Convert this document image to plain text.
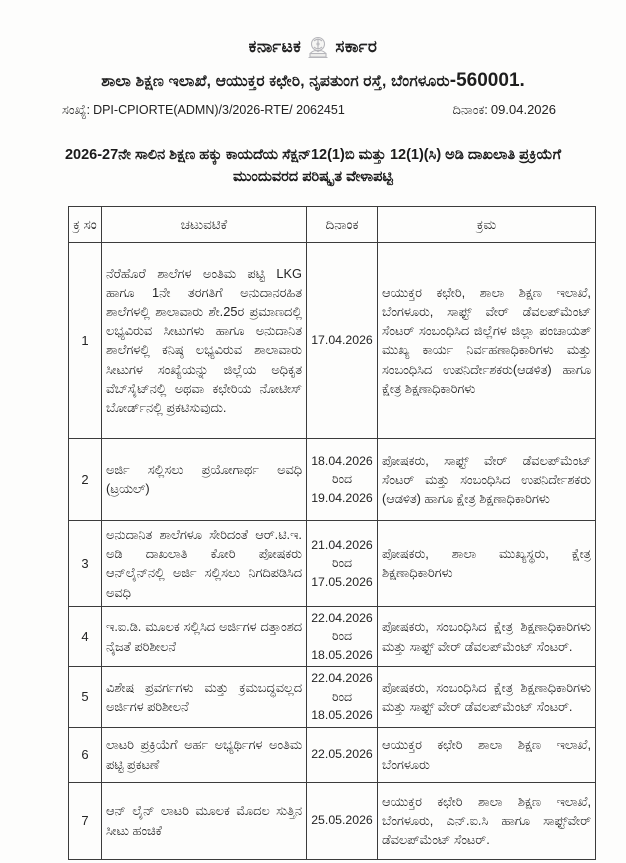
ಕರ್ನಾಟಕ ಸರ್ಕಾರ
ಶಾಲಾ ಶಿಕ್ಷಣ ಇಲಾಖೆ, ಆಯುಕ್ತರ ಕಛೇರಿ, ನೃಪತುಂಗ ರಸ್ತೆ, ಬೆಂಗಳೂರು-560001.
ಸಂಖ್ಯೆ: DPI-CPIORTE(ADMN)/3/2026-RTE/ 2062451	ದಿನಾಂಕ: 09.04.2026
2026-27ನೇ ಸಾಲಿನ ಶಿಕ್ಷಣ ಹಕ್ಕು ಕಾಯದೆಯ ಸೆಕ್ಷನ್‌12(1)ಬಿ ಮತ್ತು 12(1)(ಸಿ) ಅಡಿ ದಾಖಲಾತಿ ಪ್ರಕ್ರಿಯೆಗೆ ಮುಂದುವರದ ಪರಿಷ್ಕೃತ ವೇಳಾಪಟ್ಟಿ
ಕ್ರ ಸಂ	ಚಟುವಟಿಕೆ	ದಿನಾಂಕ	ಕ್ರಮ
1	ನೆರೆಹೊರೆ ಶಾಲೆಗಳ ಅಂತಿಮ ಪಟ್ಟಿ LKG ಹಾಗೂ 1ನೇ ತರಗತಿಗೆ ಅನುದಾನರಹಿತ ಶಾಲೆಗಳಲ್ಲಿ ಶಾಲಾವಾರು ಶೇ.25ರ ಪ್ರಮಾಣದಲ್ಲಿ ಲಭ್ಯವಿರುವ ಸೀಟುಗಳು ಹಾಗೂ ಅನುದಾನಿತ ಶಾಲೆಗಳಲ್ಲಿ ಕನಿಷ್ಠ ಲಭ್ಯವಿರುವ ಶಾಲಾವಾರು ಸೀಟುಗಳ ಸಂಖ್ಯೆಯನ್ನು ಜಿಲ್ಲೆಯ ಅಧಿಕೃತ ವೆಬ್‌ಸೈಟ್‌ನಲ್ಲಿ ಅಥವಾ ಕಛೇರಿಯ ನೋಟೀಸ್ ಬೋರ್ಡ್‌ನಲ್ಲಿ ಪ್ರಕಟಿಸುವುದು.	17.04.2026	ಆಯುಕ್ತರ ಕಛೇರಿ, ಶಾಲಾ ಶಿಕ್ಷಣ ಇಲಾಖೆ, ಬೆಂಗಳೂರು, ಸಾಫ್ಟ್ ವೇರ್ ಡೆವಲಪ್‌ಮೆಂಟ್ ಸೆಂಟರ್ ಸಂಬಂಧಿಸಿದ ಜಿಲ್ಲೆಗಳ ಜಿಲ್ಲಾ ಪಂಚಾಯತ್ ಮುಖ್ಯ ಕಾರ್ಯ ನಿರ್ವಹಣಾಧಿಕಾರಿಗಳು ಮತ್ತು ಸಂಬಂಧಿಸಿದ ಉಪನಿರ್ದೇಶಕರು(ಆಡಳಿತ) ಹಾಗೂ ಕ್ಷೇತ್ರ ಶಿಕ್ಷಣಾಧಿಕಾರಿಗಳು
2	ಅರ್ಜಿ ಸಲ್ಲಿಸಲು ಪ್ರಯೋಗಾರ್ಥ ಅವಧಿ (ಟ್ರಯಲ್)	18.04.2026 ರಿಂದ 19.04.2026	ಪೋಷಕರು, ಸಾಫ್ಟ್ ವೇರ್ ಡೆವಲಪ್‌ಮೆಂಟ್ ಸೆಂಟರ್ ಮತ್ತು ಸಂಬಂಧಿಸಿದ ಉಪನಿರ್ದೇಶಕರು (ಆಡಳಿತ) ಹಾಗೂ ಕ್ಷೇತ್ರ ಶಿಕ್ಷಣಾಧಿಕಾರಿಗಳು
3	ಅನುದಾನಿತ ಶಾಲೆಗಳೂ ಸೇರಿದಂತೆ ಆರ್.ಟಿ.ಇ. ಅಡಿ ದಾಖಲಾತಿ ಕೋರಿ ಪೋಷಕರು ಆನ್‌ಲೈನ್‌ನಲ್ಲಿ ಅರ್ಜಿ ಸಲ್ಲಿಸಲು ನಿಗದಿಪಡಿಸಿದ ಅವಧಿ	21.04.2026 ರಿಂದ 17.05.2026	ಪೋಷಕರು, ಶಾಲಾ ಮುಖ್ಯಸ್ಥರು, ಕ್ಷೇತ್ರ ಶಿಕ್ಷಣಾಧಿಕಾರಿಗಳು
4	ಇ.ಐ.ಡಿ. ಮೂಲಕ ಸಲ್ಲಿಸಿದ ಅರ್ಜಿಗಳ ದತ್ತಾಂಶದ ನೈಜತೆ ಪರಿಶೀಲನೆ	22.04.2026 ರಿಂದ 18.05.2026	ಪೋಷಕರು, ಸಂಬಂಧಿಸಿದ ಕ್ಷೇತ್ರ ಶಿಕ್ಷಣಾಧಿಕಾರಿಗಳು ಮತ್ತು ಸಾಫ್ಟ್ ವೇರ್ ಡೆವಲಪ್‌ಮೆಂಟ್ ಸೆಂಟರ್.
5	ವಿಶೇಷ ಪ್ರವರ್ಗಗಳು ಮತ್ತು ಕ್ರಮಬದ್ಧವಲ್ಲದ ಅರ್ಜಿಗಳ ಪರಿಶೀಲನೆ	22.04.2026 ರಿಂದ 18.05.2026	ಪೋಷಕರು, ಸಂಬಂಧಿಸಿದ ಕ್ಷೇತ್ರ ಶಿಕ್ಷಣಾಧಿಕಾರಿಗಳು ಮತ್ತು ಸಾಫ್ಟ್ ವೇರ್ ಡೆವಲಪ್‌ಮೆಂಟ್ ಸೆಂಟರ್.
6	ಲಾಟರಿ ಪ್ರಕ್ರಿಯೆಗೆ ಅರ್ಹ ಅಭ್ಯರ್ಥಿಗಳ ಅಂತಿಮ ಪಟ್ಟಿ ಪ್ರಕಟಣೆ	22.05.2026	ಆಯುಕ್ತರ ಕಛೇರಿ ಶಾಲಾ ಶಿಕ್ಷಣ ಇಲಾಖೆ, ಬೆಂಗಳೂರು
7	ಆನ್ ಲೈನ್ ಲಾಟರಿ ಮೂಲಕ ಮೊದಲ ಸುತ್ತಿನ ಸೀಟು ಹಂಚಿಕೆ	25.05.2026	ಆಯುಕ್ತರ ಕಛೇರಿ ಶಾಲಾ ಶಿಕ್ಷಣ ಇಲಾಖೆ, ಬೆಂಗಳೂರು, ಎನ್.ಐ.ಸಿ ಹಾಗೂ ಸಾಫ್ಟ್‌ವೇರ್ ಡೆವಲಪ್‌ಮೆಂಟ್ ಸೆಂಟರ್.
